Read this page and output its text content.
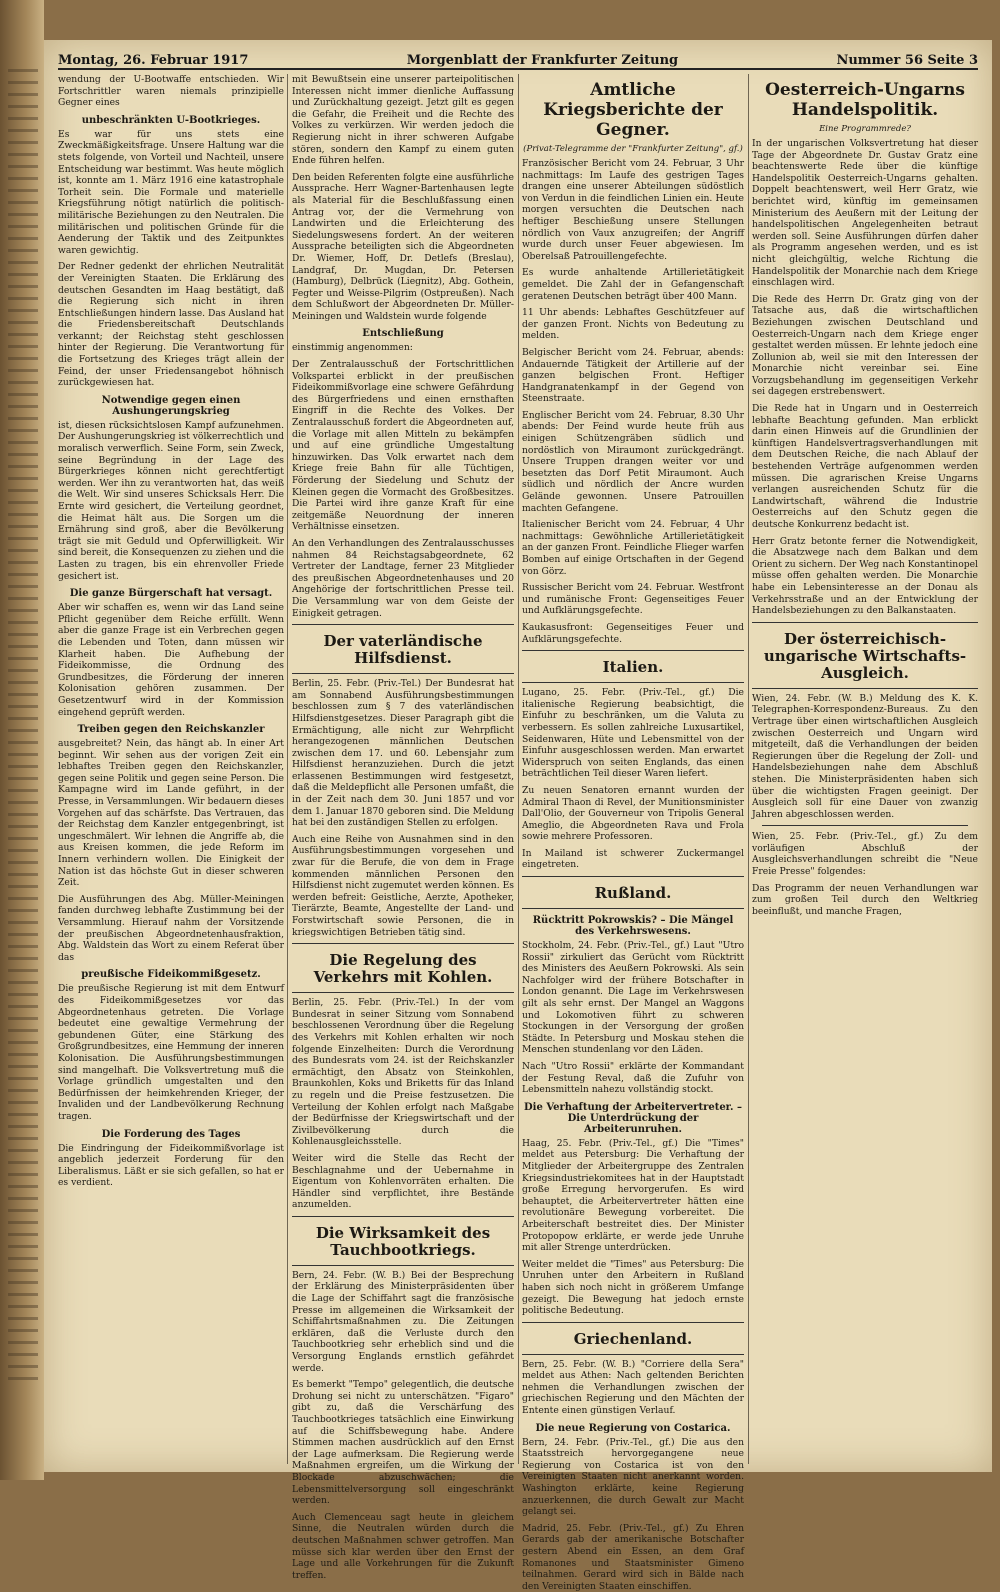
Montag, 26. Februar 1917	Morgenblatt der Frankfurter Zeitung	Nummer 56 Seite 3

wendung der U-Bootwaffe entschieden. Wir Fortschrittler waren niemals prinzipielle Gegner eines

unbeschränkten U-Bootkrieges.

Es war für uns stets eine Zweckmäßigkeitsfrage. Unsere Haltung war die stets folgende, von Vorteil und Nachteil, unsere Entscheidung war bestimmt. Was heute möglich ist, konnte am 1. März 1916 eine katastrophale Torheit sein. Die Formale und materielle Kriegsführung nötigt natürlich die politisch-militärische Beziehungen zu den Neutralen. Die militärischen und politischen Gründe für die Aenderung der Taktik und des Zeitpunktes waren gewichtig.

Der Redner gedenkt der ehrlichen Neutralität der Vereinigten Staaten. Die Erklärung des deutschen Gesandten im Haag bestätigt, daß die Regierung sich nicht in ihren Entschließungen hindern lasse. Das Ausland hat die Friedensbereitschaft Deutschlands verkannt; der Reichstag steht geschlossen hinter der Regierung. Die Verantwortung für die Fortsetzung des Krieges trägt allein der Feind, der unser Friedensangebot höhnisch zurückgewiesen hat.

Notwendige gegen einen Aushungerungskrieg

ist, diesen rücksichtslosen Kampf aufzunehmen. Der Aushungerungskrieg ist völkerrechtlich und moralisch verwerflich. Seine Form, sein Zweck, seine Begründung in der Lage des Bürgerkrieges können nicht gerechtfertigt werden. Wer ihn zu verantworten hat, das weiß die Welt. Wir sind unseres Schicksals Herr. Die Ernte wird gesichert, die Verteilung geordnet, die Heimat hält aus. Die Sorgen um die Ernährung sind groß, aber die Bevölkerung trägt sie mit Geduld und Opferwilligkeit. Wir sind bereit, die Konsequenzen zu ziehen und die Lasten zu tragen, bis ein ehrenvoller Friede gesichert ist.

Die ganze Bürgerschaft hat versagt.

Aber wir schaffen es, wenn wir das Land seine Pflicht gegenüber dem Reiche erfüllt. Wenn aber die ganze Frage ist ein Verbrechen gegen die Lebenden und Toten, dann müssen wir Klarheit haben. Die Aufhebung der Fideikommisse, die Ordnung des Grundbesitzes, die Förderung der inneren Kolonisation gehören zusammen. Der Gesetzentwurf wird in der Kommission eingehend geprüft werden.

Treiben gegen den Reichskanzler

ausgebreitet? Nein, das hängt ab. In einer Art beginnt. Wir sehen aus der vorigen Zeit ein lebhaftes Treiben gegen den Reichskanzler, gegen seine Politik und gegen seine Person. Die Kampagne wird im Lande geführt, in der Presse, in Versammlungen. Wir bedauern dieses Vorgehen auf das schärfste. Das Vertrauen, das der Reichstag dem Kanzler entgegenbringt, ist ungeschmälert. Wir lehnen die Angriffe ab, die aus Kreisen kommen, die jede Reform im Innern verhindern wollen. Die Einigkeit der Nation ist das höchste Gut in dieser schweren Zeit.

Die Ausführungen des Abg. Müller-Meiningen fanden durchweg lebhafte Zustimmung bei der Versammlung. Hierauf nahm der Vorsitzende der preußischen Abgeordnetenhausfraktion, Abg. Waldstein das Wort zu einem Referat über das

preußische Fideikommißgesetz.

Die preußische Regierung ist mit dem Entwurf des Fideikommißgesetzes vor das Abgeordnetenhaus getreten. Die Vorlage bedeutet eine gewaltige Vermehrung der gebundenen Güter, eine Stärkung des Großgrundbesitzes, eine Hemmung der inneren Kolonisation. Die Ausführungsbestimmungen sind mangelhaft. Die Volksvertretung muß die Vorlage gründlich umgestalten und den Bedürfnissen der heimkehrenden Krieger, der Invaliden und der Landbevölkerung Rechnung tragen.

Die Forderung des Tages

Die Eindringung der Fideikommißvorlage ist angeblich jederzeit Forderung für den Liberalismus. Läßt er sie sich gefallen, so hat er es verdient.

mit Bewußtsein eine unserer parteipolitischen Interessen nicht immer dienliche Auffassung und Zurückhaltung gezeigt. Jetzt gilt es gegen die Gefahr, die Freiheit und die Rechte des Volkes zu verkürzen. Wir werden jedoch die Regierung nicht in ihrer schweren Aufgabe stören, sondern den Kampf zu einem guten Ende führen helfen.

Den beiden Referenten folgte eine ausführliche Aussprache. Herr Wagner-Bartenhausen legte als Material für die Beschlußfassung einen Antrag vor, der die Vermehrung von Landwirten und die Erleichterung des Siedelungswesens fordert. An der weiteren Aussprache beteiligten sich die Abgeordneten Dr. Wiemer, Hoff, Dr. Detlefs (Breslau), Landgraf, Dr. Mugdan, Dr. Petersen (Hamburg), Delbrück (Liegnitz), Abg. Gothein, Fegter und Weisse-Pilgrim (Ostpreußen). Nach dem Schlußwort der Abgeordneten Dr. Müller-Meiningen und Waldstein wurde folgende

Entschließung

einstimmig angenommen:

Der Zentralausschuß der Fortschrittlichen Volkspartei erblickt in der preußischen Fideikommißvorlage eine schwere Gefährdung des Bürgerfriedens und einen ernsthaften Eingriff in die Rechte des Volkes. Der Zentralausschuß fordert die Abgeordneten auf, die Vorlage mit allen Mitteln zu bekämpfen und auf eine gründliche Umgestaltung hinzuwirken. Das Volk erwartet nach dem Kriege freie Bahn für alle Tüchtigen, Förderung der Siedelung und Schutz der Kleinen gegen die Vormacht des Großbesitzes. Die Partei wird ihre ganze Kraft für eine zeitgemäße Neuordnung der inneren Verhältnisse einsetzen.

An den Verhandlungen des Zentralausschusses nahmen 84 Reichstagsabgeordnete, 62 Vertreter der Landtage, ferner 23 Mitglieder des preußischen Abgeordnetenhauses und 20 Angehörige der fortschrittlichen Presse teil. Die Versammlung war von dem Geiste der Einigkeit getragen.

Der vaterländische Hilfsdienst.

Berlin, 25. Febr. (Priv.-Tel.) Der Bundesrat hat am Sonnabend Ausführungsbestimmungen beschlossen zum § 7 des vaterländischen Hilfsdienstgesetzes. Dieser Paragraph gibt die Ermächtigung, alle nicht zur Wehrpflicht herangezogenen männlichen Deutschen zwischen dem 17. und 60. Lebensjahr zum Hilfsdienst heranzuziehen. Durch die jetzt erlassenen Bestimmungen wird festgesetzt, daß die Meldepflicht alle Personen umfaßt, die in der Zeit nach dem 30. Juni 1857 und vor dem 1. Januar 1870 geboren sind. Die Meldung hat bei den zuständigen Stellen zu erfolgen.

Auch eine Reihe von Ausnahmen sind in den Ausführungsbestimmungen vorgesehen und zwar für die Berufe, die von dem in Frage kommenden männlichen Personen den Hilfsdienst nicht zugemutet werden können. Es werden befreit: Geistliche, Aerzte, Apotheker, Tierärzte, Beamte, Angestellte der Land- und Forstwirtschaft sowie Personen, die in kriegswichtigen Betrieben tätig sind.

Die Regelung des Verkehrs mit Kohlen.

Berlin, 25. Febr. (Priv.-Tel.) In der vom Bundesrat in seiner Sitzung vom Sonnabend beschlossenen Verordnung über die Regelung des Verkehrs mit Kohlen erhalten wir noch folgende Einzelheiten: Durch die Verordnung des Bundesrats vom 24. ist der Reichskanzler ermächtigt, den Absatz von Steinkohlen, Braunkohlen, Koks und Briketts für das Inland zu regeln und die Preise festzusetzen. Die Verteilung der Kohlen erfolgt nach Maßgabe der Bedürfnisse der Kriegswirtschaft und der Zivilbevölkerung durch die Kohlenausgleichsstelle.

Weiter wird die Stelle das Recht der Beschlagnahme und der Uebernahme in Eigentum von Kohlenvorräten erhalten. Die Händler sind verpflichtet, ihre Bestände anzumelden.

Die Wirksamkeit des Tauchbootkriegs.

Bern, 24. Febr. (W. B.) Bei der Besprechung der Erklärung des Ministerpräsidenten über die Lage der Schiffahrt sagt die französische Presse im allgemeinen die Wirksamkeit der Schiffahrtsmaßnahmen zu. Die Zeitungen erklären, daß die Verluste durch den Tauchbootkrieg sehr erheblich sind und die Versorgung Englands ernstlich gefährdet werde.

Es bemerkt "Tempo" gelegentlich, die deutsche Drohung sei nicht zu unterschätzen. "Figaro" gibt zu, daß die Verschärfung des Tauchbootkrieges tatsächlich eine Einwirkung auf die Schiffsbewegung habe. Andere Stimmen machen ausdrücklich auf den Ernst der Lage aufmerksam. Die Regierung werde Maßnahmen ergreifen, um die Wirkung der Blockade abzuschwächen; die Lebensmittelversorgung soll eingeschränkt werden.

Auch Clemenceau sagt heute in gleichem Sinne, die Neutralen würden durch die deutschen Maßnahmen schwer getroffen. Man müsse sich klar werden über den Ernst der Lage und alle Vorkehrungen für die Zukunft treffen.

Amtliche Kriegsberichte der Gegner.
(Privat-Telegramme der "Frankfurter Zeitung", gf.)

Französischer Bericht vom 24. Februar, 3 Uhr nachmittags: Im Laufe des gestrigen Tages drangen eine unserer Abteilungen südöstlich von Verdun in die feindlichen Linien ein. Heute morgen versuchten die Deutschen nach heftiger Beschießung unsere Stellungen nördlich von Vaux anzugreifen; der Angriff wurde durch unser Feuer abgewiesen. Im Oberelsaß Patrouillengefechte.

Es wurde anhaltende Artillerietätigkeit gemeldet. Die Zahl der in Gefangenschaft geratenen Deutschen beträgt über 400 Mann.

11 Uhr abends: Lebhaftes Geschützfeuer auf der ganzen Front. Nichts von Bedeutung zu melden.

Belgischer Bericht vom 24. Februar, abends: Andauernde Tätigkeit der Artillerie auf der ganzen belgischen Front. Heftiger Handgranatenkampf in der Gegend von Steenstraate.

Englischer Bericht vom 24. Februar, 8.30 Uhr abends: Der Feind wurde heute früh aus einigen Schützengräben südlich und nordöstlich von Miraumont zurückgedrängt. Unsere Truppen drangen weiter vor und besetzten das Dorf Petit Miraumont. Auch südlich und nördlich der Ancre wurden Gelände gewonnen. Unsere Patrouillen machten Gefangene.

Italienischer Bericht vom 24. Februar, 4 Uhr nachmittags: Gewöhnliche Artillerietätigkeit an der ganzen Front. Feindliche Flieger warfen Bomben auf einige Ortschaften in der Gegend von Görz.

Russischer Bericht vom 24. Februar. Westfront und rumänische Front: Gegenseitiges Feuer und Aufklärungsgefechte.

Kaukasusfront: Gegenseitiges Feuer und Aufklärungsgefechte.

Italien.

Lugano, 25. Febr. (Priv.-Tel., gf.) Die italienische Regierung beabsichtigt, die Einfuhr zu beschränken, um die Valuta zu verbessern. Es sollen zahlreiche Luxusartikel, Seidenwaren, Hüte und Lebensmittel von der Einfuhr ausgeschlossen werden. Man erwartet Widerspruch von seiten Englands, das einen beträchtlichen Teil dieser Waren liefert.

Zu neuen Senatoren ernannt wurden der Admiral Thaon di Revel, der Munitionsminister Dall'Olio, der Gouverneur von Tripolis General Ameglio, die Abgeordneten Rava und Frola sowie mehrere Professoren.

In Mailand ist schwerer Zuckermangel eingetreten.

Rußland.
Rücktritt Pokrowskis? – Die Mängel des Verkehrswesens.

Stockholm, 24. Febr. (Priv.-Tel., gf.) Laut "Utro Rossii" zirkuliert das Gerücht vom Rücktritt des Ministers des Aeußern Pokrowski. Als sein Nachfolger wird der frühere Botschafter in London genannt. Die Lage im Verkehrswesen gilt als sehr ernst. Der Mangel an Waggons und Lokomotiven führt zu schweren Stockungen in der Versorgung der großen Städte. In Petersburg und Moskau stehen die Menschen stundenlang vor den Läden.

Nach "Utro Rossii" erklärte der Kommandant der Festung Reval, daß die Zufuhr von Lebensmitteln nahezu vollständig stockt.

Die Verhaftung der Arbeitervertreter. – Die Unterdrückung der Arbeiterunruhen.

Haag, 25. Febr. (Priv.-Tel., gf.) Die "Times" meldet aus Petersburg: Die Verhaftung der Mitglieder der Arbeitergruppe des Zentralen Kriegsindustriekomitees hat in der Hauptstadt große Erregung hervorgerufen. Es wird behauptet, die Arbeitervertreter hätten eine revolutionäre Bewegung vorbereitet. Die Arbeiterschaft bestreitet dies. Der Minister Protopopow erklärte, er werde jede Unruhe mit aller Strenge unterdrücken.

Weiter meldet die "Times" aus Petersburg: Die Unruhen unter den Arbeitern in Rußland haben sich noch nicht in größerem Umfange gezeigt. Die Bewegung hat jedoch ernste politische Bedeutung.

Griechenland.

Bern, 25. Febr. (W. B.) "Corriere della Sera" meldet aus Athen: Nach geltenden Berichten nehmen die Verhandlungen zwischen der griechischen Regierung und den Mächten der Entente einen günstigen Verlauf.

Die neue Regierung von Costarica.

Bern, 24. Febr. (Priv.-Tel., gf.) Die aus den Staatsstreich hervorgegangene neue Regierung von Costarica ist von den Vereinigten Staaten nicht anerkannt worden. Washington erklärte, keine Regierung anzuerkennen, die durch Gewalt zur Macht gelangt sei.

Madrid, 25. Febr. (Priv.-Tel., gf.) Zu Ehren Gerards gab der amerikanische Botschafter gestern Abend ein Essen, an dem Graf Romanones und Staatsminister Gimeno teilnahmen. Gerard wird sich in Bälde nach den Vereinigten Staaten einschiffen.

Oesterreich-Ungarns Handelspolitik.
Eine Programmrede?

In der ungarischen Volksvertretung hat dieser Tage der Abgeordnete Dr. Gustav Gratz eine beachtenswerte Rede über die künftige Handelspolitik Oesterreich-Ungarns gehalten. Doppelt beachtenswert, weil Herr Gratz, wie berichtet wird, künftig im gemeinsamen Ministerium des Aeußern mit der Leitung der handelspolitischen Angelegenheiten betraut werden soll. Seine Ausführungen dürfen daher als Programm angesehen werden, und es ist nicht gleichgültig, welche Richtung die Handelspolitik der Monarchie nach dem Kriege einschlagen wird.

Die Rede des Herrn Dr. Gratz ging von der Tatsache aus, daß die wirtschaftlichen Beziehungen zwischen Deutschland und Oesterreich-Ungarn nach dem Kriege enger gestaltet werden müssen. Er lehnte jedoch eine Zollunion ab, weil sie mit den Interessen der Monarchie nicht vereinbar sei. Eine Vorzugsbehandlung im gegenseitigen Verkehr sei dagegen erstrebenswert.

Die Rede hat in Ungarn und in Oesterreich lebhafte Beachtung gefunden. Man erblickt darin einen Hinweis auf die Grundlinien der künftigen Handelsvertragsverhandlungen mit dem Deutschen Reiche, die nach Ablauf der bestehenden Verträge aufgenommen werden müssen. Die agrarischen Kreise Ungarns verlangen ausreichenden Schutz für die Landwirtschaft, während die Industrie Oesterreichs auf den Schutz gegen die deutsche Konkurrenz bedacht ist.

Herr Gratz betonte ferner die Notwendigkeit, die Absatzwege nach dem Balkan und dem Orient zu sichern. Der Weg nach Konstantinopel müsse offen gehalten werden. Die Monarchie habe ein Lebensinteresse an der Donau als Verkehrsstraße und an der Entwicklung der Handelsbeziehungen zu den Balkanstaaten.

Der österreichisch-ungarische Wirtschafts-Ausgleich.

Wien, 24. Febr. (W. B.) Meldung des K. K. Telegraphen-Korrespondenz-Bureaus. Zu den Vertrage über einen wirtschaftlichen Ausgleich zwischen Oesterreich und Ungarn wird mitgeteilt, daß die Verhandlungen der beiden Regierungen über die Regelung der Zoll- und Handelsbeziehungen nahe dem Abschluß stehen. Die Ministerpräsidenten haben sich über die wichtigsten Fragen geeinigt. Der Ausgleich soll für eine Dauer von zwanzig Jahren abgeschlossen werden.

Wien, 25. Febr. (Priv.-Tel., gf.) Zu dem vorläufigen Abschluß der Ausgleichsverhandlungen schreibt die "Neue Freie Presse" folgendes:

Das Programm der neuen Verhandlungen war zum großen Teil durch den Weltkrieg beeinflußt, und manche Fragen,
